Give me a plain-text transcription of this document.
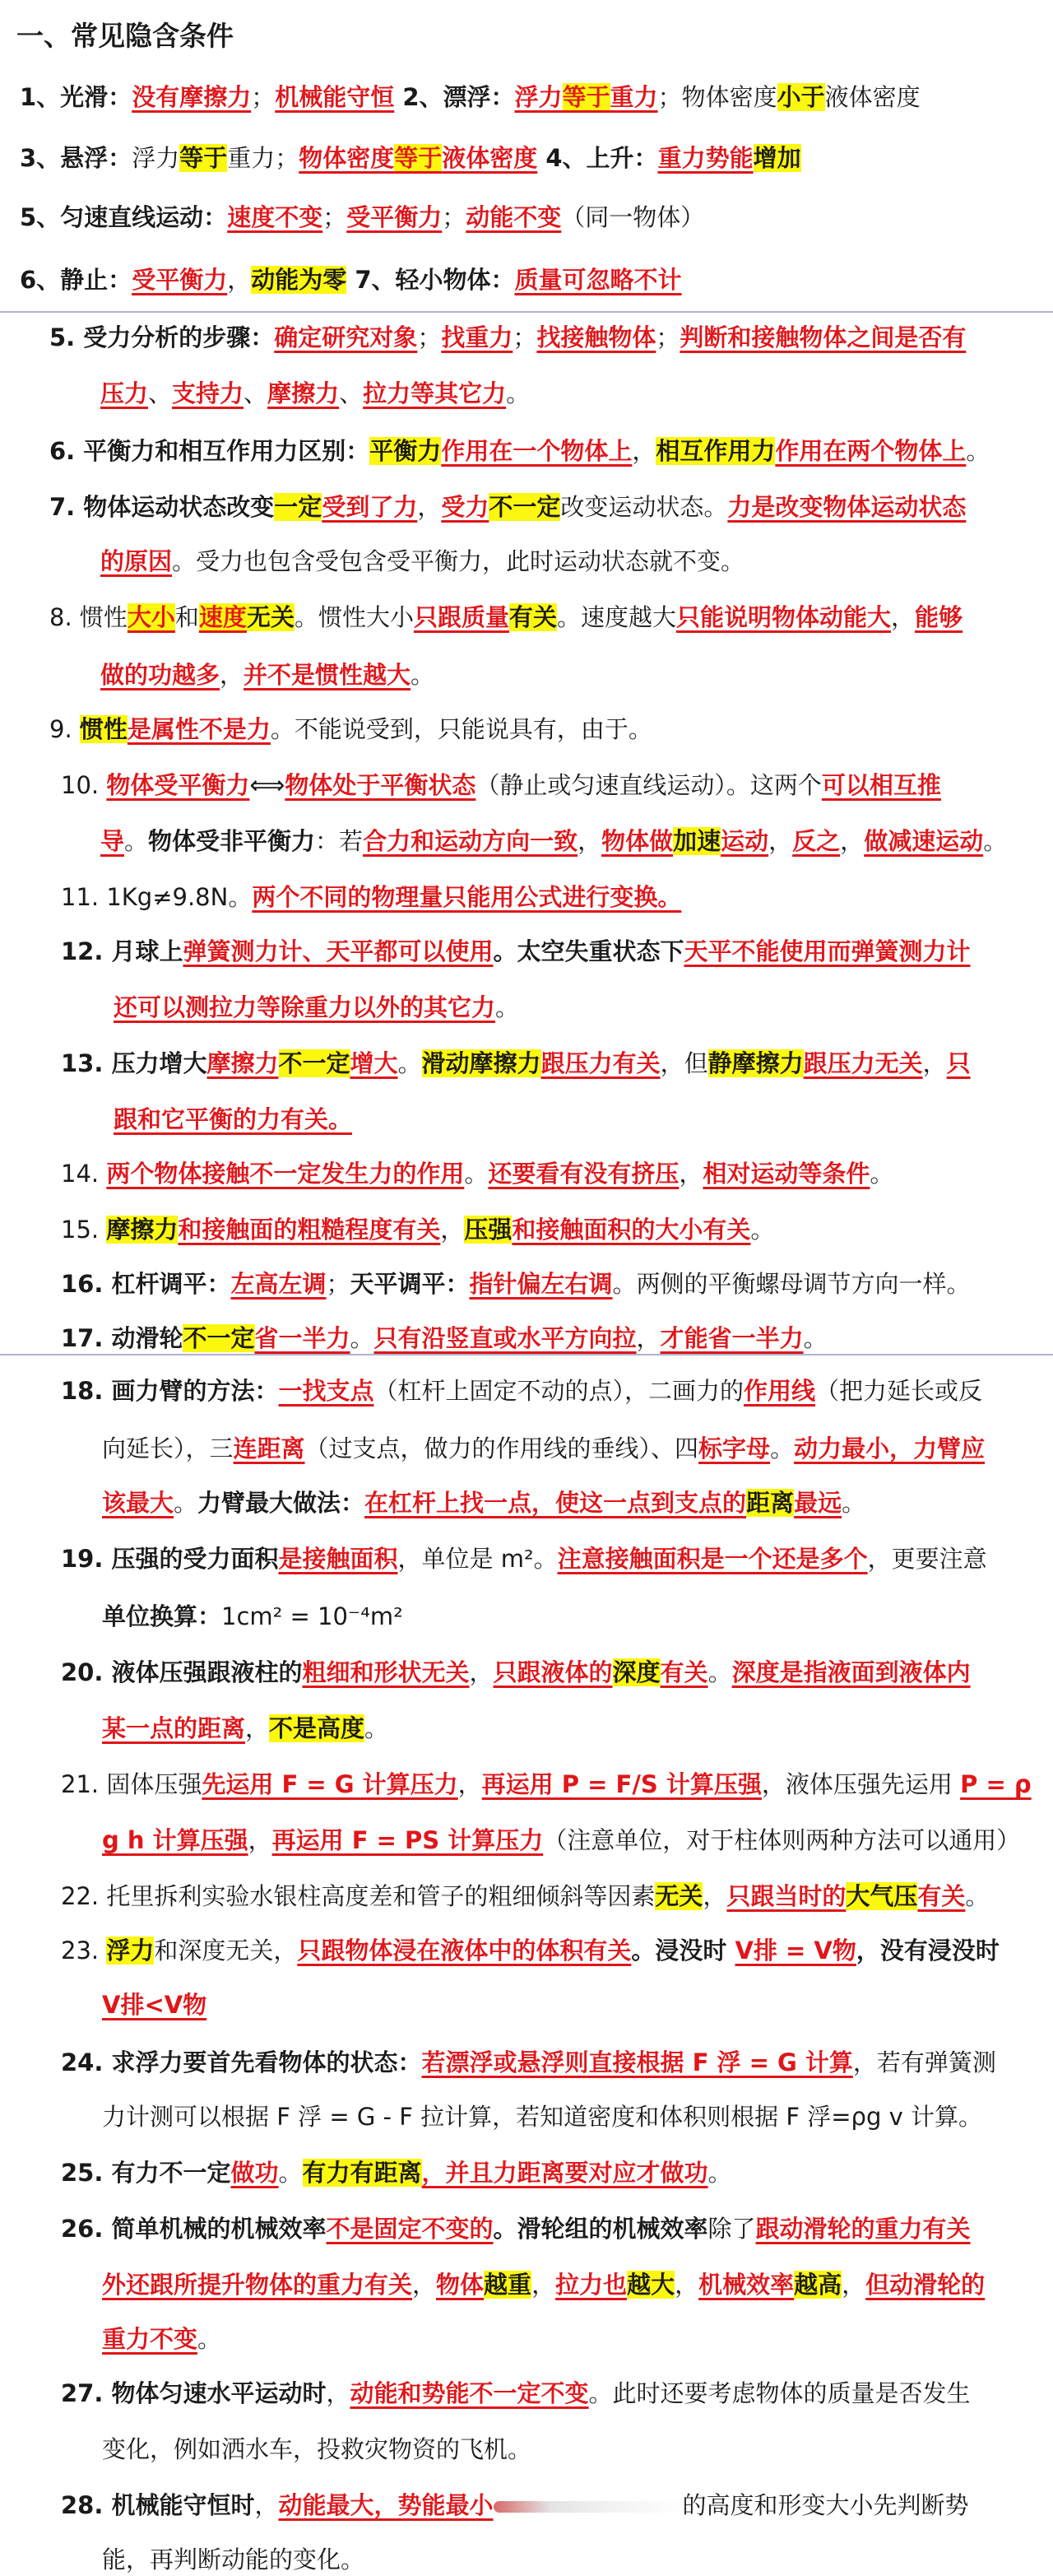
一、常见隐含条件
1、光滑：没有摩擦力；机械能守恒 2、漂浮：浮力等于重力；物体密度小于液体密度
3、悬浮：浮力等于重力；物体密度等于液体密度 4、上升：重力势能增加
5、匀速直线运动：速度不变；受平衡力；动能不变（同一物体）
6、静止：受平衡力，动能为零 7、轻小物体：质量可忽略不计
5. 受力分析的步骤：确定研究对象；找重力；找接触物体；判断和接触物体之间是否有
压力、支持力、摩擦力、拉力等其它力。
6. 平衡力和相互作用力区别：平衡力作用在一个物体上，相互作用力作用在两个物体上。
7. 物体运动状态改变一定受到了力，受力不一定改变运动状态。力是改变物体运动状态
的原因。受力也包含受包含受平衡力，此时运动状态就不变。
8. 惯性大小和速度无关。惯性大小只跟质量有关。速度越大只能说明物体动能大，能够
做的功越多，并不是惯性越大。
9. 惯性是属性不是力。不能说受到，只能说具有，由于。
10. 物体受平衡力⟺物体处于平衡状态（静止或匀速直线运动）。这两个可以相互推
导。物体受非平衡力：若合力和运动方向一致，物体做加速运动，反之，做减速运动。
11. 1Kg≠9.8N。两个不同的物理量只能用公式进行变换。
12. 月球上弹簧测力计、天平都可以使用。太空失重状态下天平不能使用而弹簧测力计
还可以测拉力等除重力以外的其它力。
13. 压力增大摩擦力不一定增大。滑动摩擦力跟压力有关，但静摩擦力跟压力无关，只
跟和它平衡的力有关。
14. 两个物体接触不一定发生力的作用。还要看有没有挤压，相对运动等条件。
15. 摩擦力和接触面的粗糙程度有关，压强和接触面积的大小有关。
16. 杠杆调平：左高左调；天平调平：指针偏左右调。两侧的平衡螺母调节方向一样。
17. 动滑轮不一定省一半力。只有沿竖直或水平方向拉，才能省一半力。
18. 画力臂的方法：一找支点（杠杆上固定不动的点），二画力的作用线（把力延长或反
向延长），三连距离（过支点，做力的作用线的垂线）、四标字母。动力最小，力臂应
该最大。力臂最大做法：在杠杆上找一点，使这一点到支点的距离最远。
19. 压强的受力面积是接触面积，单位是 m²。注意接触面积是一个还是多个，更要注意
单位换算：1cm² = 10⁻⁴m²
20. 液体压强跟液柱的粗细和形状无关，只跟液体的深度有关。深度是指液面到液体内
某一点的距离，不是高度。
21. 固体压强先运用 F = G 计算压力，再运用 P = F/S 计算压强，液体压强先运用 P = ρ
g h 计算压强，再运用 F = PS 计算压力（注意单位，对于柱体则两种方法可以通用）
22. 托里拆利实验水银柱高度差和管子的粗细倾斜等因素无关，只跟当时的大气压有关。
23. 浮力和深度无关，只跟物体浸在液体中的体积有关。浸没时 V排 = V物，没有浸没时
V排<V物
24. 求浮力要首先看物体的状态：若漂浮或悬浮则直接根据 F 浮 = G 计算，若有弹簧测
力计测可以根据 F 浮 = G - F 拉计算，若知道密度和体积则根据 F 浮=ρg v 计算。
25. 有力不一定做功。有力有距离，并且力距离要对应才做功。
26. 简单机械的机械效率不是固定不变的。滑轮组的机械效率除了跟动滑轮的重力有关
外还跟所提升物体的重力有关，物体越重，拉力也越大，机械效率越高，但动滑轮的
重力不变。
27. 物体匀速水平运动时，动能和势能不一定不变。此时还要考虑物体的质量是否发生
变化，例如洒水车，投救灾物资的飞机。
28. 机械能守恒时，动能最大，势能最小	的高度和形变大小先判断势
能，再判断动能的变化。
